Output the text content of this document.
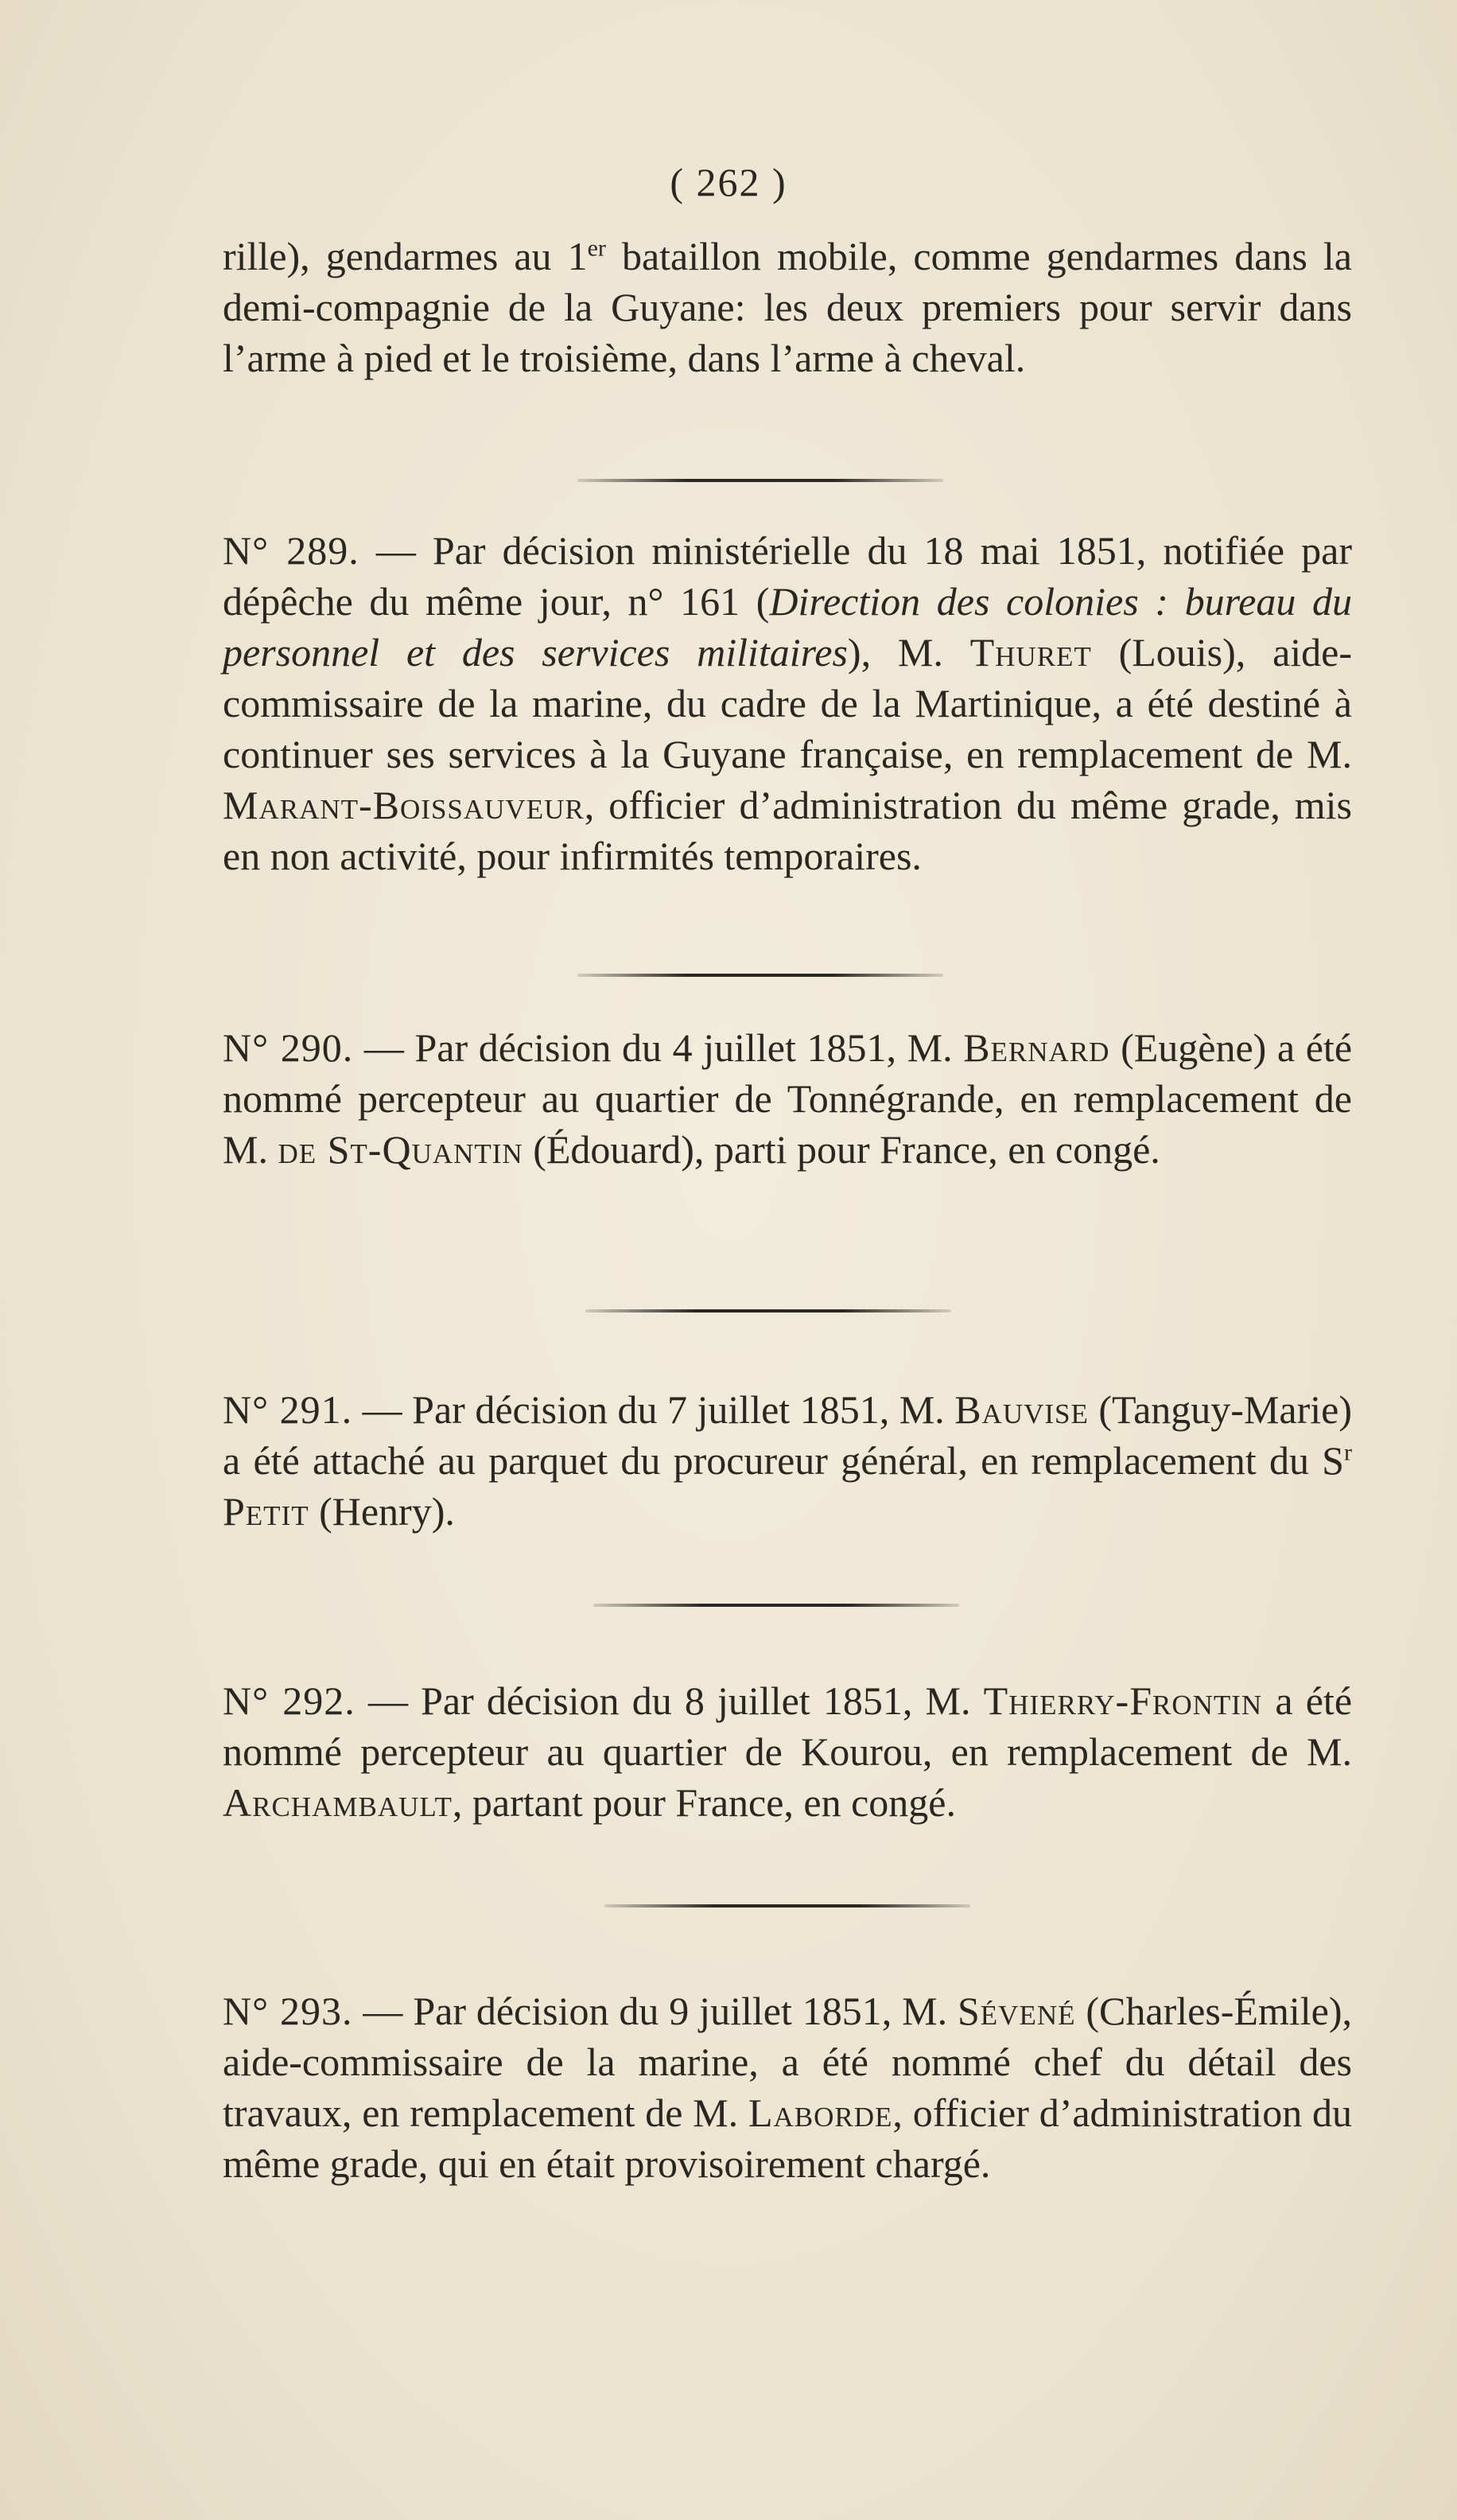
( 262 )

rille), gendarmes au 1er bataillon mobile, comme gendarmes dans la demi-compagnie de la Guyane: les deux premiers pour servir dans l’arme à pied et le troisième, dans l’arme à cheval.

N° 289. — Par décision ministérielle du 18 mai 1851, notifiée par dépêche du même jour, n° 161 (Direction des colonies : bureau du personnel et des services militaires), M. Thuret (Louis), aide-commissaire de la marine, du cadre de la Martinique, a été destiné à continuer ses services à la Guyane française, en remplacement de M. Marant-Boissauveur, officier d’administration du même grade, mis en non activité, pour infirmités temporaires.

N° 290. — Par décision du 4 juillet 1851, M. Bernard (Eugène) a été nommé percepteur au quartier de Tonnégrande, en remplacement de M. de St-Quantin (Édouard), parti pour France, en congé.

N° 291. — Par décision du 7 juillet 1851, M. Bauvise (Tanguy-Marie) a été attaché au parquet du procureur général, en remplacement du $S^r$ Petit (Henry).

N° 292. — Par décision du 8 juillet 1851, M. Thierry-Frontin a été nommé percepteur au quartier de Kourou, en remplacement de M. Archambault, partant pour France, en congé.

N° 293. — Par décision du 9 juillet 1851, M. Sévené (Charles-Émile), aide-commissaire de la marine, a été nommé chef du détail des travaux, en remplacement de M. Laborde, officier d’administration du même grade, qui en était provisoirement chargé.
